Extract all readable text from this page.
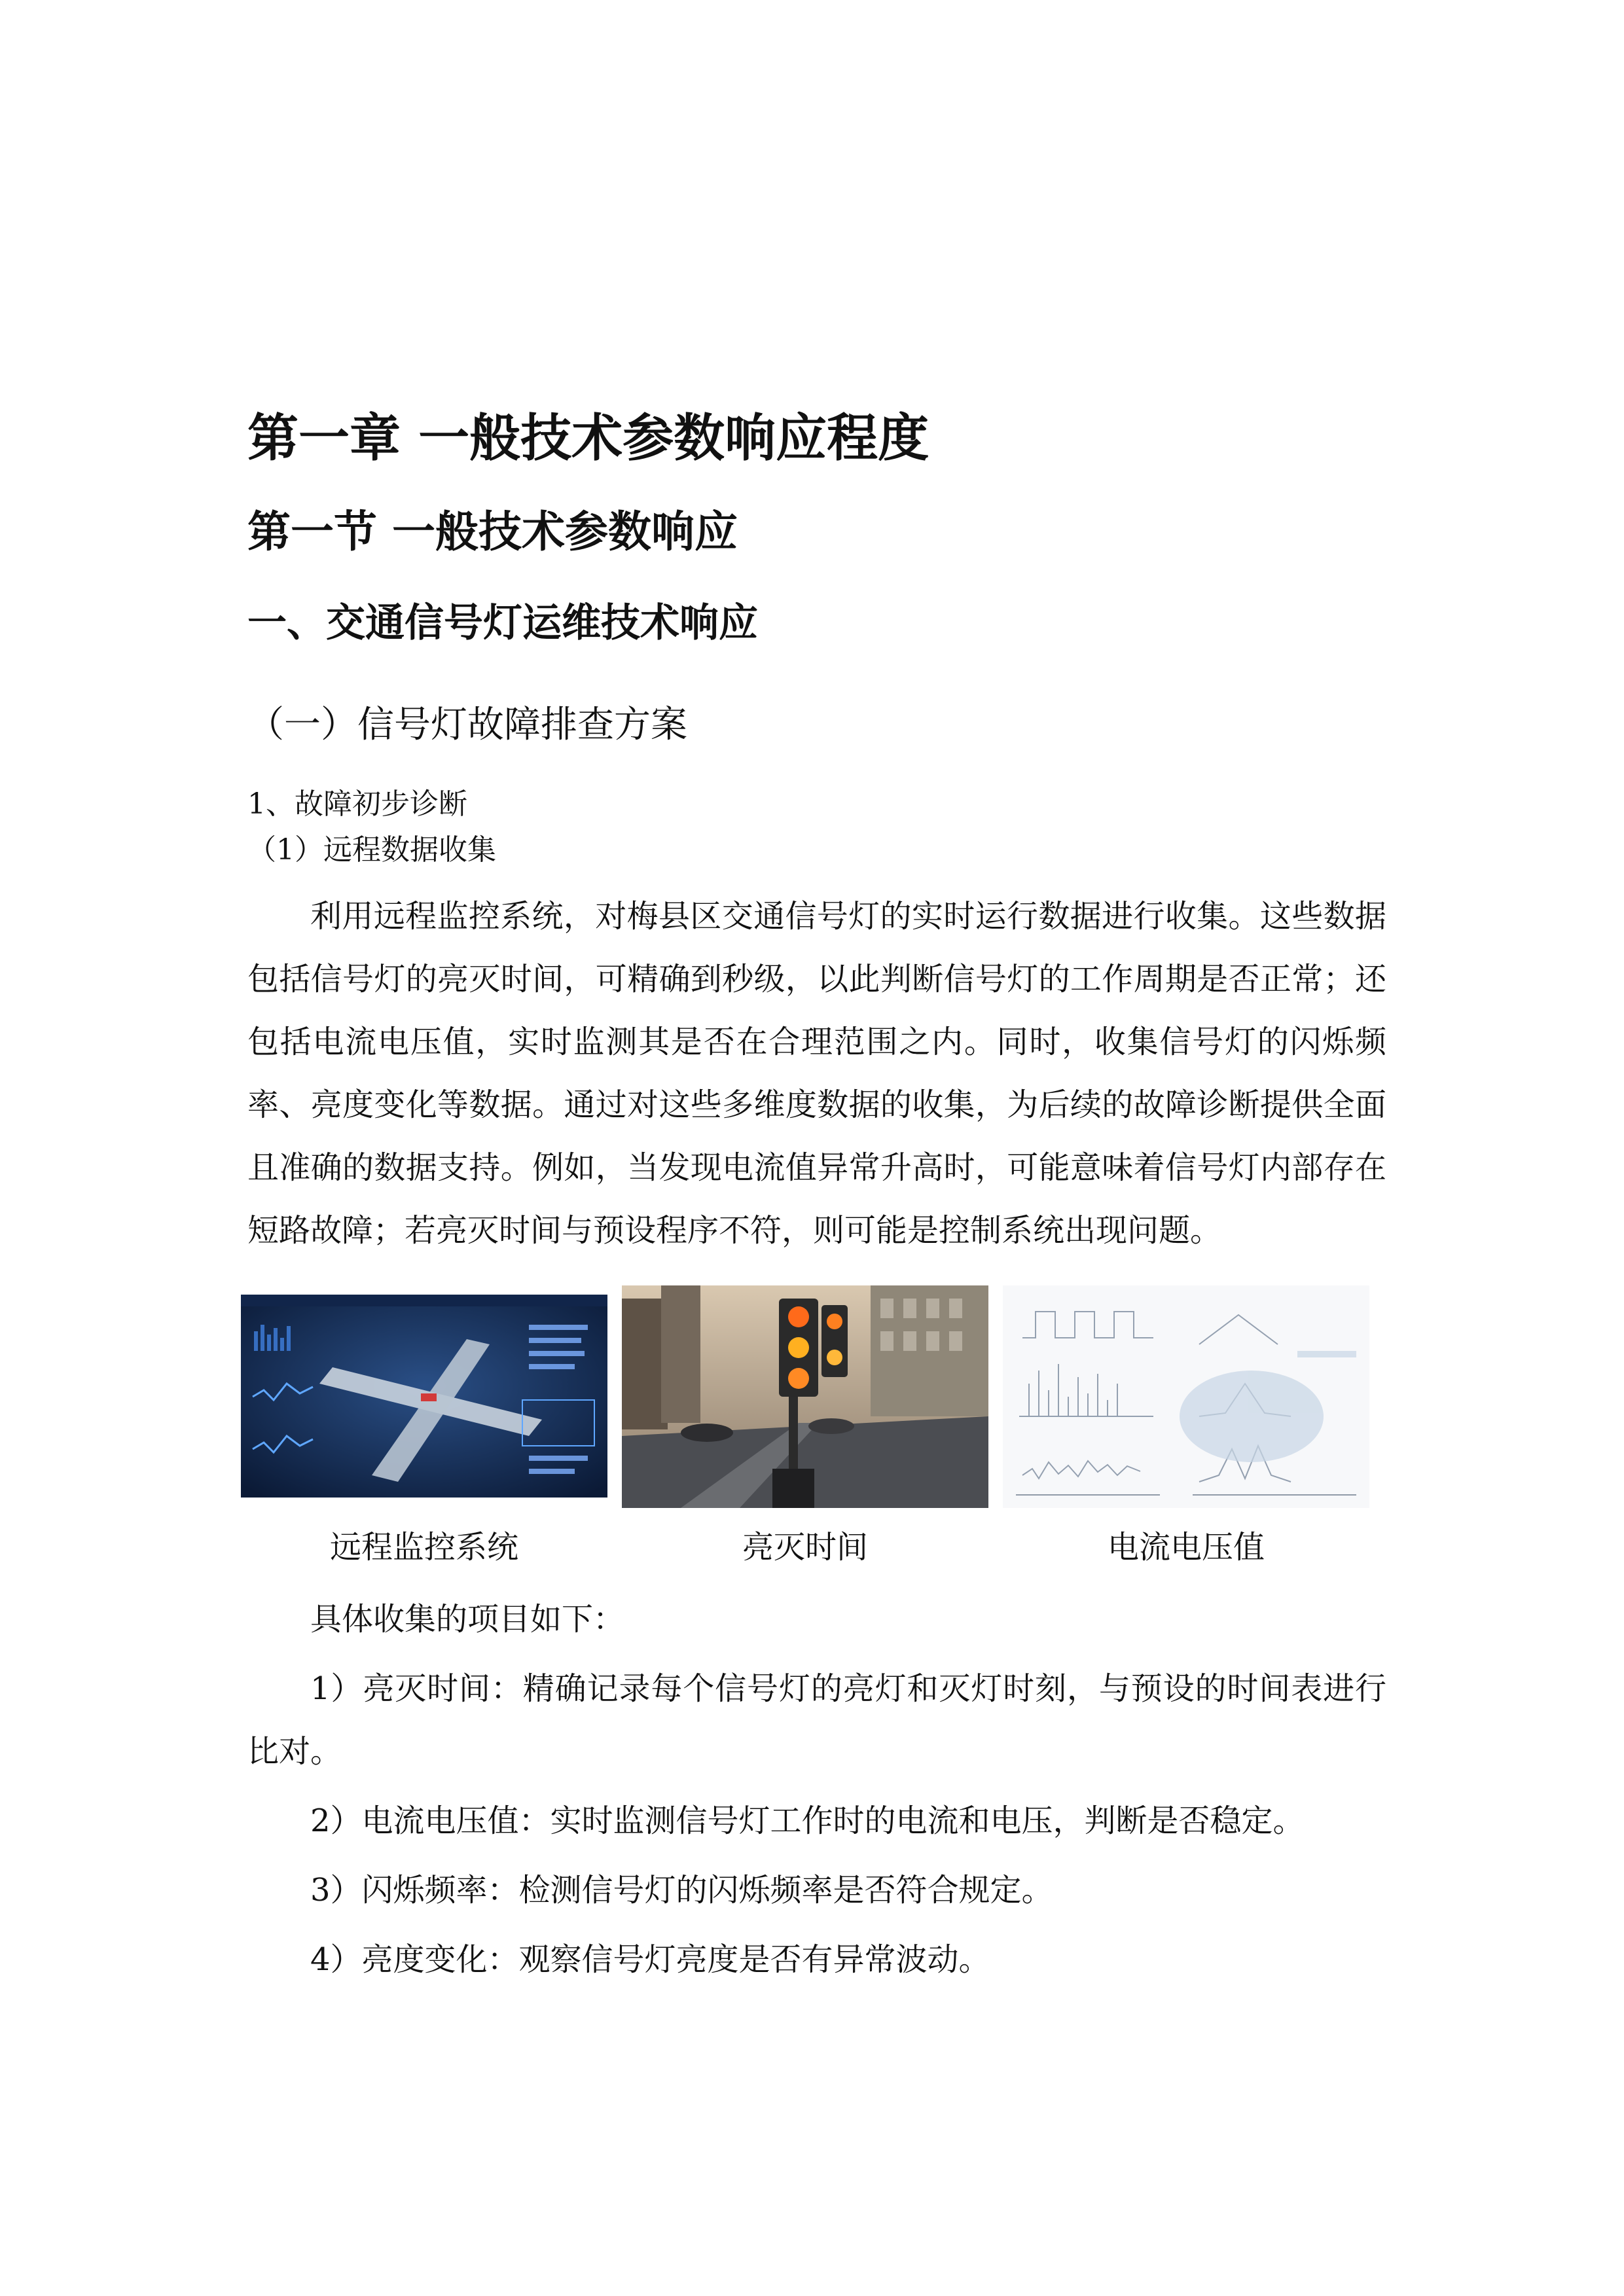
第一章 一般技术参数响应程度
第一节 一般技术参数响应
一、交通信号灯运维技术响应
（一）信号灯故障排查方案

1、故障初步诊断

（1）远程数据收集

利用远程监控系统，对梅县区交通信号灯的实时运行数据进行收集。这些数据包括信号灯的亮灭时间，可精确到秒级，以此判断信号灯的工作周期是否正常；还包括电流电压值，实时监测其是否在合理范围之内。同时，收集信号灯的闪烁频率、亮度变化等数据。通过对这些多维度数据的收集，为后续的故障诊断提供全面且准确的数据支持。例如，当发现电流值异常升高时，可能意味着信号灯内部存在短路故障；若亮灭时间与预设程序不符，则可能是控制系统出现问题。

远程监控系统	亮灭时间	电流电压值

具体收集的项目如下：

1）亮灭时间：精确记录每个信号灯的亮灯和灭灯时刻，与预设的时间表进行比对。

2）电流电压值：实时监测信号灯工作时的电流和电压，判断是否稳定。

3）闪烁频率：检测信号灯的闪烁频率是否符合规定。

4）亮度变化：观察信号灯亮度是否有异常波动。
